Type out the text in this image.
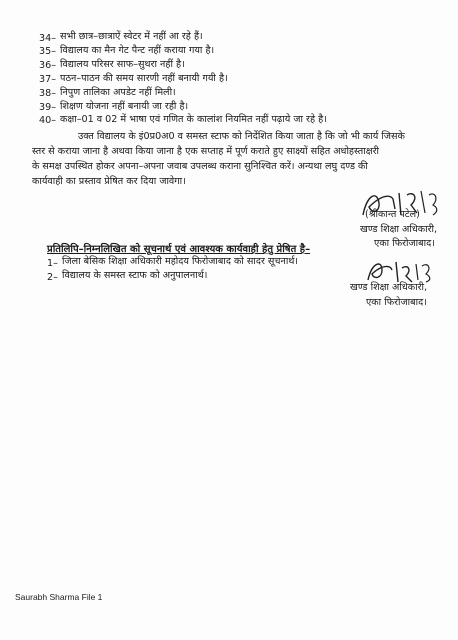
34– सभी छात्र–छात्राऐं स्वेटर में नहीं आ रहे हैं।
35– विद्यालय का मैन गेट पैन्ट नहीं कराया गया है।
36– विद्यालय परिसर साफ–सुथरा नहीं है।
37– पठन–पाठन की समय सारणी नहीं बनायी गयी है।
38– निपुण तालिका अपडेट नहीं मिली।
39– शिक्षण योजना नहीं बनायी जा रही है।
40– कक्षा–01 व 02 में भाषा एवं गणित के कालांश नियमित नहीं पढ़ाये जा रहे है।
उक्त विद्यालय के इं0प्र0अ0 व समस्त स्टाफ को निर्देशित किया जाता है कि जो भी कार्य जिसके
स्तर से कराया जाना है अथवा किया जाना है एक सप्ताह में पूर्ण कराते हुए साक्ष्यों सहित अधोहस्ताक्षरी
के समक्ष उपस्थित होकर अपना–अपना जवाब उपलब्ध कराना सुनिश्चित करें। अन्यथा लघु दण्ड की
कार्यवाही का प्रस्ताव प्रेषित कर दिया जावेगा।
(श्रीकान्त पटेल)
खण्ड शिक्षा अधिकारी,
एका फिरोजाबाद।
प्रतिलिपि–निम्नलिखित को सूचनार्थ एवं आवश्यक कार्यवाही हेतु प्रेषित है–
1– जिला बेसिक शिक्षा अधिकारी महोदय फिरोजाबाद को सादर सूचनार्थ।
2– विद्यालय के समस्त स्टाफ को अनुपालनार्थ।
खण्ड शिक्षा अधिकारी,
एका फिरोजाबाद।
Saurabh Sharma File 1
